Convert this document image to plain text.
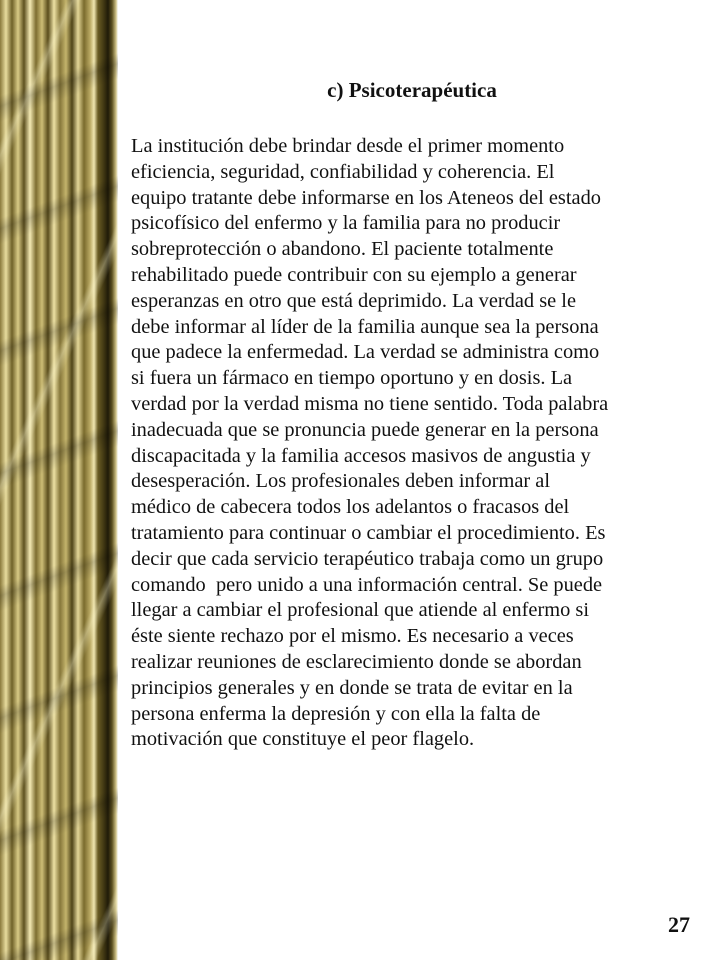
c) Psicoterapéutica

La institución debe brindar desde el primer momento
eficiencia, seguridad, confiabilidad y coherencia. El
equipo tratante debe informarse en los Ateneos del estado
psicofísico del enfermo y la familia para no producir
sobreprotección o abandono. El paciente totalmente
rehabilitado puede contribuir con su ejemplo a generar
esperanzas en otro que está deprimido. La verdad se le
debe informar al líder de la familia aunque sea la persona
que padece la enfermedad. La verdad se administra como
si fuera un fármaco en tiempo oportuno y en dosis. La
verdad por la verdad misma no tiene sentido. Toda palabra
inadecuada que se pronuncia puede generar en la persona
discapacitada y la familia accesos masivos de angustia y
desesperación. Los profesionales deben informar al
médico de cabecera todos los adelantos o fracasos del
tratamiento para continuar o cambiar el procedimiento. Es
decir que cada servicio terapéutico trabaja como un grupo
comando  pero unido a una información central. Se puede
llegar a cambiar el profesional que atiende al enfermo si
éste siente rechazo por el mismo. Es necesario a veces
realizar reuniones de esclarecimiento donde se abordan
principios generales y en donde se trata de evitar en la
persona enferma la depresión y con ella la falta de
motivación que constituye el peor flagelo.

27
